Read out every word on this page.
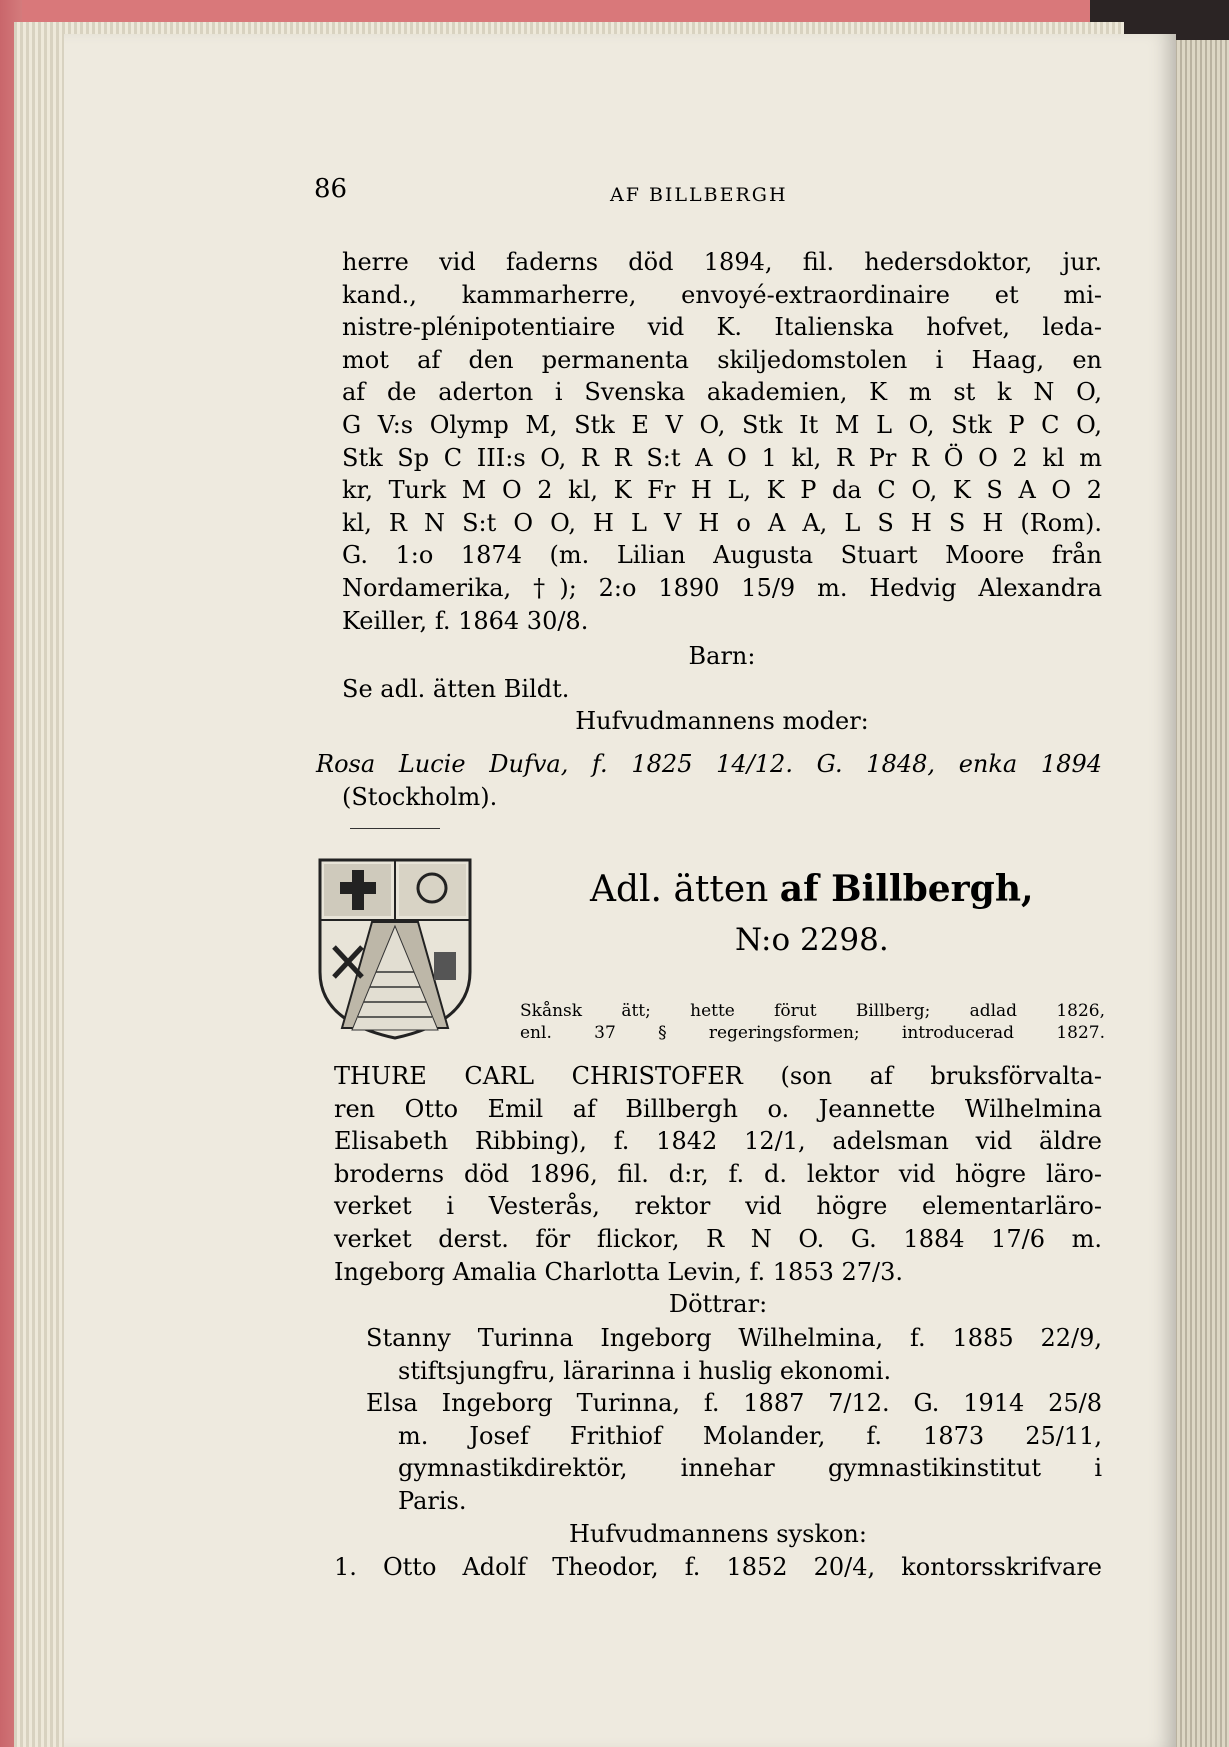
86	AF BILLBERGH
herre vid faderns död 1894, fil. hedersdoktor, jur.
kand., kammarherre, envoyé-extraordinaire et mi-
nistre-plénipotentiaire vid K. Italienska hofvet, leda-
mot af den permanenta skiljedomstolen i Haag, en
af de aderton i Svenska akademien, K m st k N O,
G V:s Olymp M, Stk E V O, Stk It M L O, Stk P C O,
Stk Sp C III:s O, R R S:t A O 1 kl, R Pr R Ö O 2 kl m
kr, Turk M O 2 kl, K Fr H L, K P da C O, K S A O 2
kl, R N S:t O O, H L V H o A A, L S H S H (Rom).
G. 1:o 1874 (m. Lilian Augusta Stuart Moore från
Nordamerika, †); 2:o 1890 15/9 m. Hedvig Alexandra
Keiller, f. 1864 30/8.
Barn:
Se adl. ätten Bildt.
Hufvudmannens moder:
Rosa Lucie Dufva, f. 1825 14/12. G. 1848, enka 1894
(Stockholm).
Adl. ätten af Billbergh,
N:o 2298.
Skånsk ätt; hette förut Billberg; adlad 1826,
enl. 37 § regeringsformen; introducerad 1827.
THURE CARL CHRISTOFER (son af bruksförvalta-
ren Otto Emil af Billbergh o. Jeannette Wilhelmina
Elisabeth Ribbing), f. 1842 12/1, adelsman vid äldre
broderns död 1896, fil. d:r, f. d. lektor vid högre läro-
verket i Vesterås, rektor vid högre elementarläro-
verket derst. för flickor, R N O. G. 1884 17/6 m.
Ingeborg Amalia Charlotta Levin, f. 1853 27/3.
Döttrar:
Stanny Turinna Ingeborg Wilhelmina, f. 1885 22/9,
stiftsjungfru, lärarinna i huslig ekonomi.
Elsa Ingeborg Turinna, f. 1887 7/12. G. 1914 25/8
m. Josef Frithiof Molander, f. 1873 25/11,
gymnastikdirektör, innehar gymnastikinstitut i
Paris.
Hufvudmannens syskon:
1. Otto Adolf Theodor, f. 1852 20/4, kontorsskrifvare
